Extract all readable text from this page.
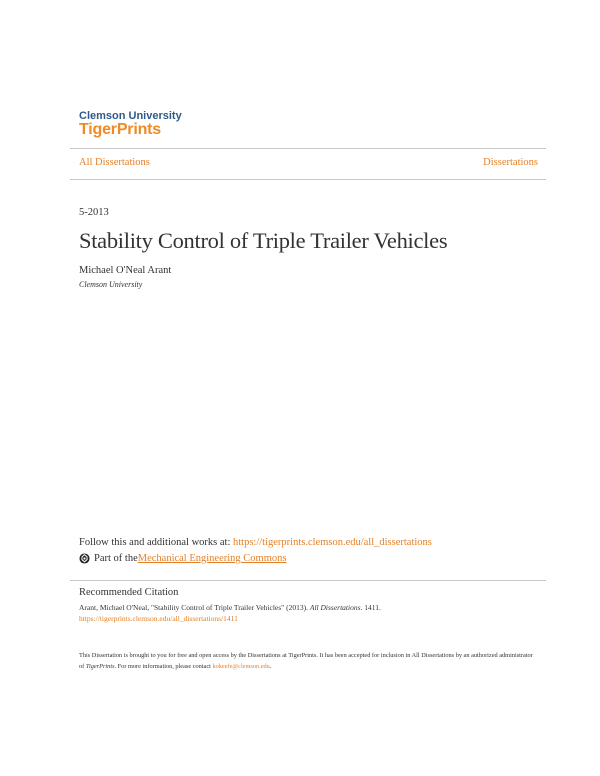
Clemson University
TigerPrints
All Dissertations	Dissertations
5-2013
Stability Control of Triple Trailer Vehicles
Michael O'Neal Arant
Clemson University
Follow this and additional works at: https://tigerprints.clemson.edu/all_dissertations
Part of the Mechanical Engineering Commons
Recommended Citation
Arant, Michael O'Neal, "Stability Control of Triple Trailer Vehicles" (2013). All Dissertations. 1411.
https://tigerprints.clemson.edu/all_dissertations/1411
This Dissertation is brought to you for free and open access by the Dissertations at TigerPrints. It has been accepted for inclusion in All Dissertations by an authorized administrator of TigerPrints. For more information, please contact kokeefe@clemson.edu.
